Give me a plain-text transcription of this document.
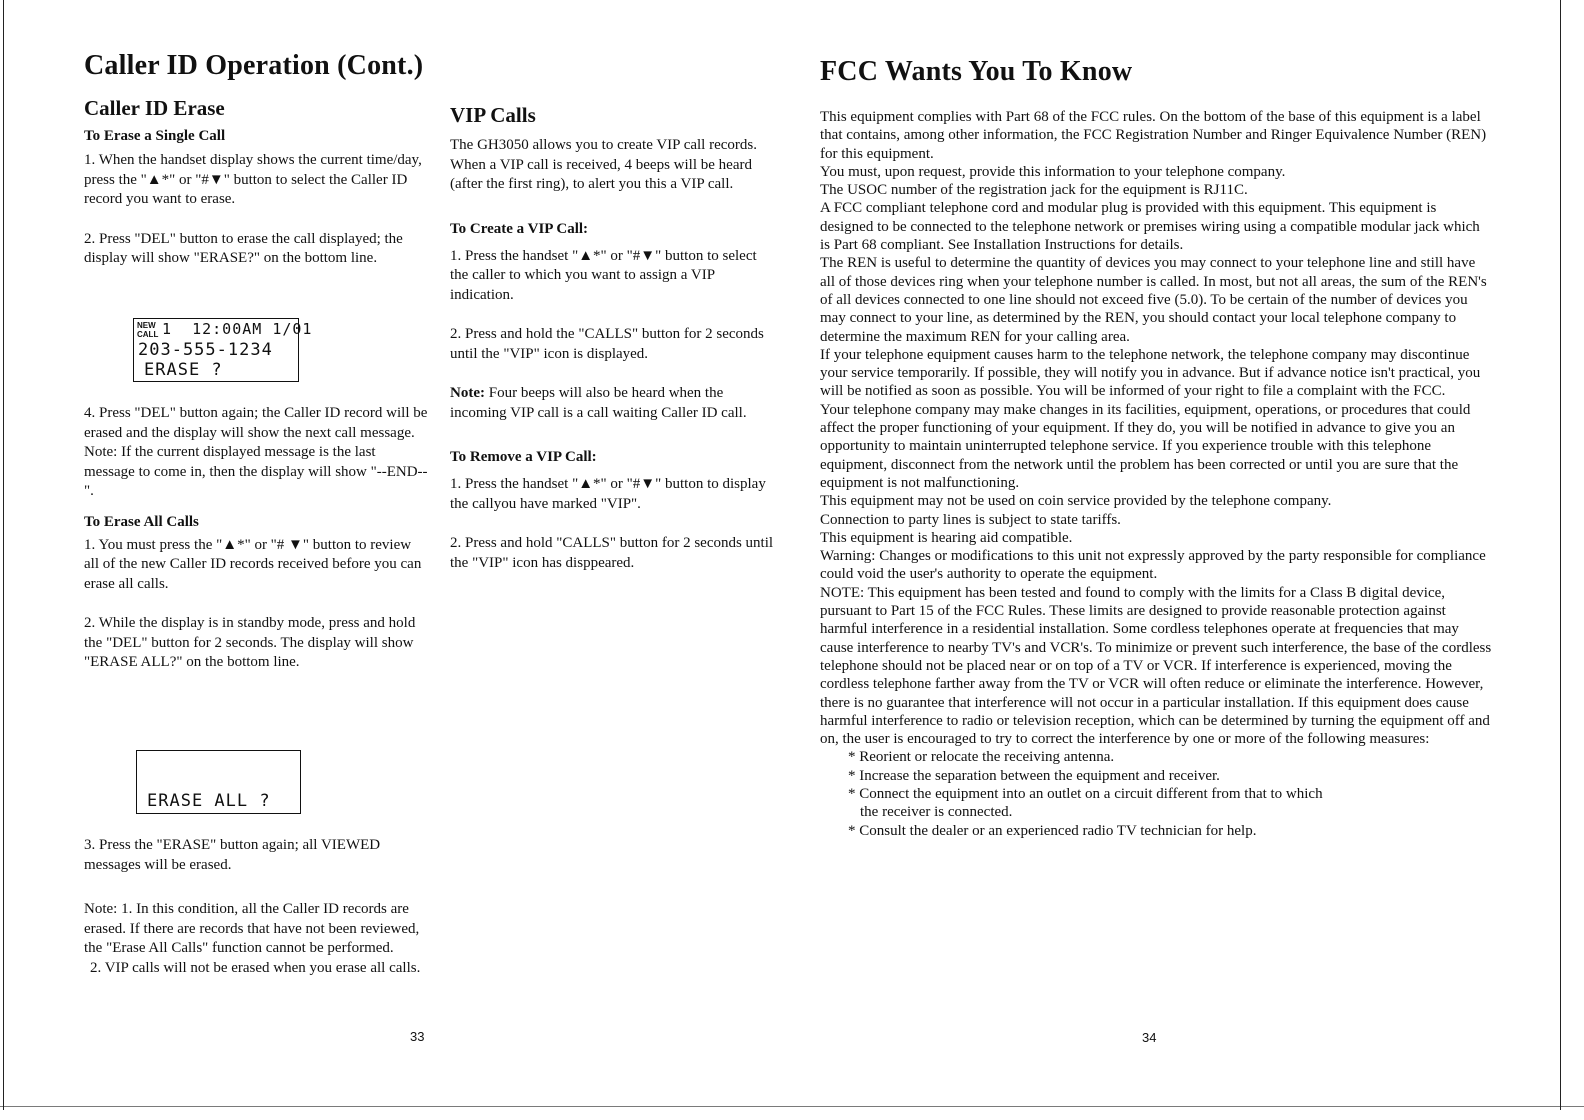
Caller ID Operation (Cont.)
Caller ID Erase
To Erase a Single Call
1. When the handset display shows the current time/day, press the "▲*" or "#▼" button to select the Caller ID record you want to erase.
2. Press "DEL" button to erase the call displayed; the display will show "ERASE?" on the bottom line.
NEW
CALL 1  12:00AM 1/01
203-555-1234
ERASE ?
4. Press "DEL" button again; the Caller ID record will be erased and the display will show the next call message.
Note: If the current displayed message is the last message to come in, then the display will show "--END--".
To Erase All Calls
1. You must press the "▲*" or "# ▼" button to review all of the new Caller ID records received before you can erase all calls.
2. While the display is in standby mode, press and hold the "DEL" button for 2 seconds. The display will show "ERASE ALL?" on the bottom line.
ERASE ALL ?
3. Press the "ERASE" button again; all VIEWED messages will be erased.
Note: 1. In this condition, all the Caller ID records are erased. If there are records that have not been reviewed, the "Erase All Calls" function cannot be performed.
2. VIP calls will not be erased when you erase all calls.
VIP Calls
The GH3050 allows you to create VIP call records. When a VIP call is received, 4 beeps will be heard (after the first ring), to alert you this a VIP call.
To Create a VIP Call:
1. Press the handset "▲*" or "#▼" button to select the caller to which you want to assign a VIP indication.
2. Press and hold the "CALLS" button for 2 seconds until the "VIP" icon is displayed.
Note: Four beeps will also be heard when the incoming VIP call is a call waiting Caller ID call.
To Remove a VIP Call:
1. Press the handset "▲*" or "#▼" button to display the callyou have marked "VIP".
2. Press and hold "CALLS" button for 2 seconds until the "VIP" icon has disppeared.
33
FCC Wants You To Know
This equipment complies with Part 68 of the FCC rules. On the bottom of the base of this equipment is a label that contains, among other information, the FCC Registration Number and Ringer Equivalence Number (REN) for this equipment.
You must, upon request, provide this information to your telephone company.
The USOC number of the registration jack for the equipment is RJ11C.
A FCC compliant telephone cord and modular plug is provided with this equipment. This equipment is designed to be connected to the telephone network or premises wiring using a compatible modular jack which is Part 68 compliant. See Installation Instructions for details.
The REN is useful to determine the quantity of devices you may connect to your telephone line and still have all of those devices ring when your telephone number is called. In most, but not all areas, the sum of the REN's of all devices connected to one line should not exceed five (5.0). To be certain of the number of devices you may connect to your line, as determined by the REN, you should contact your local telephone company to determine the maximum REN for your calling area.
If your telephone equipment causes harm to the telephone network, the telephone company may discontinue your service temporarily. If possible, they will notify you in advance. But if advance notice isn't practical, you will be notified as soon as possible. You will be informed of your right to file a complaint with the FCC.
Your telephone company may make changes in its facilities, equipment, operations, or procedures that could affect the proper functioning of your equipment. If they do, you will be notified in advance to give you an opportunity to maintain uninterrupted telephone service. If you experience trouble with this telephone equipment, disconnect from the network until the problem has been corrected or until you are sure that the equipment is not malfunctioning.
This equipment may not be used on coin service provided by the telephone company.
Connection to party lines is subject to state tariffs.
This equipment is hearing aid compatible.
Warning: Changes or modifications to this unit not expressly approved by the party responsible for compliance could void the user's authority to operate the equipment.
NOTE: This equipment has been tested and found to comply with the limits for a Class B digital device, pursuant to Part 15 of the FCC Rules. These limits are designed to provide reasonable protection against harmful interference in a residential installation. Some cordless telephones operate at frequencies that may cause interference to nearby TV's and VCR's. To minimize or prevent such interference, the base of the cordless telephone should not be placed near or on top of a TV or VCR. If interference is experienced, moving the cordless telephone farther away from the TV or VCR will often reduce or eliminate the interference. However, there is no guarantee that interference will not occur in a particular installation. If this equipment does cause harmful interference to radio or television reception, which can be determined by turning the equipment off and on, the user is encouraged to try to correct the interference by one or more of the following measures:
* Reorient or relocate the receiving antenna.
* Increase the separation between the equipment and receiver.
* Connect the equipment into an outlet on a circuit different from that to which
the receiver is connected.
* Consult the dealer or an experienced radio TV technician for help.
34
